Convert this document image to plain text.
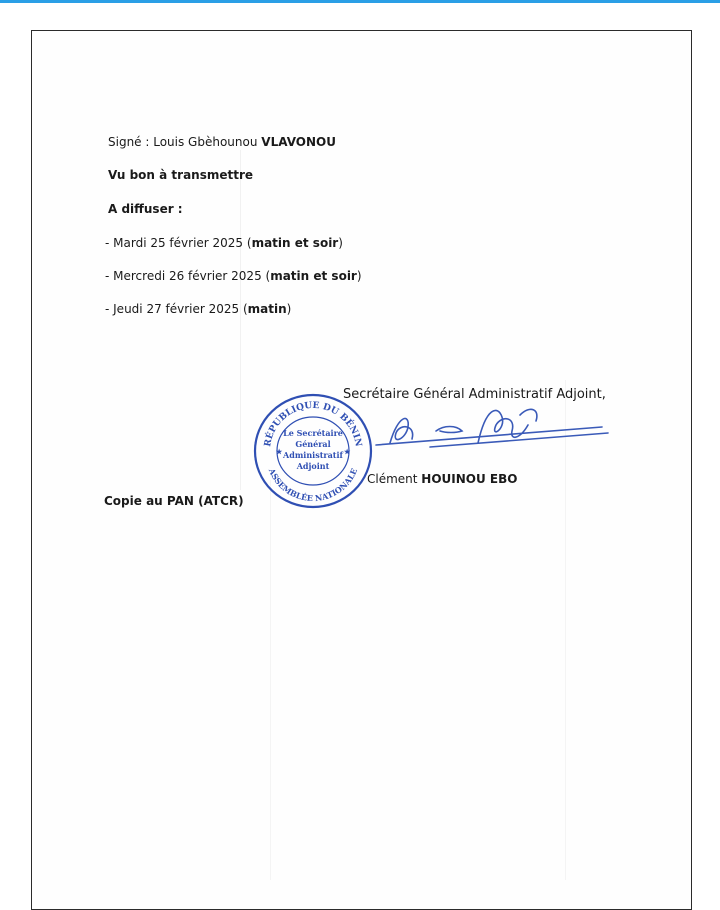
Signé : Louis Gbèhounou VLAVONOU
Vu bon à transmettre
A diffuser :
- Mardi 25 février 2025 (matin et soir)
- Mercredi 26 février 2025 (matin et soir)
- Jeudi 27 février 2025 (matin)
Secrétaire Général Administratif Adjoint,
RÉPUBLIQUE DU BÉNIN
ASSEMBLÉE NATIONALE
Le Secrétaire
Général
Administratif
Adjoint
★	★
Clément HOUINOU EBO
Copie au PAN (ATCR)
